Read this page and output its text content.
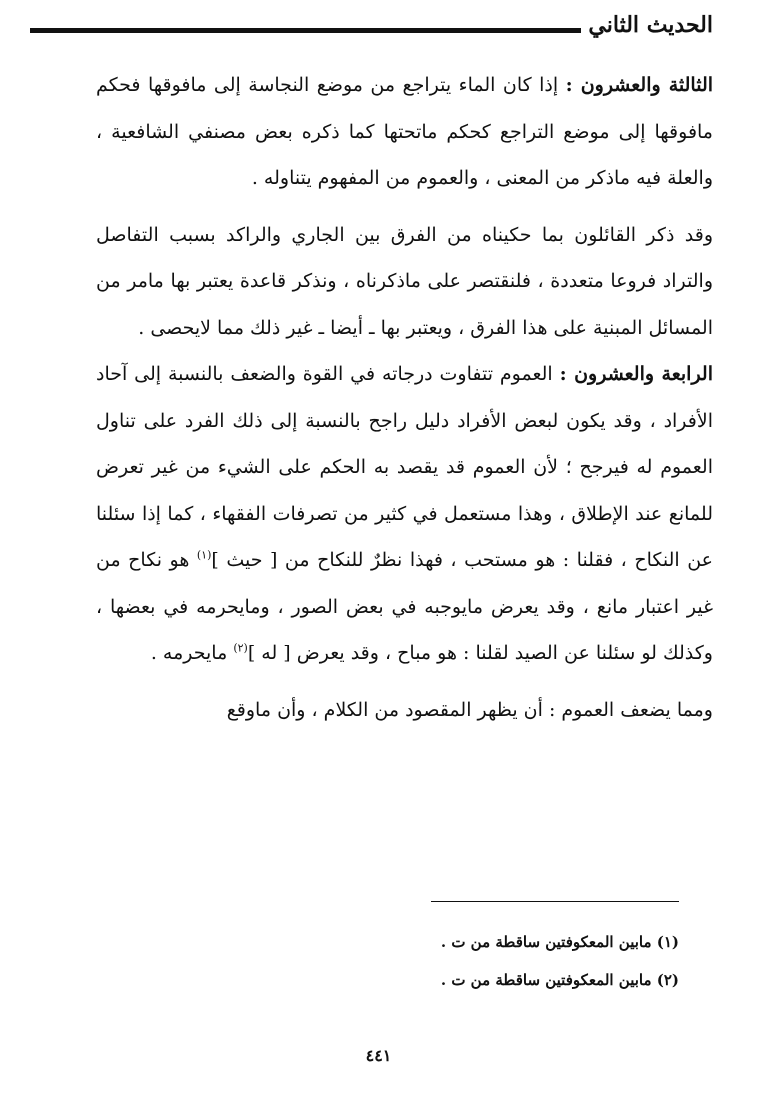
الحديث الثاني

الثالثة والعشرون : إذا كان الماء يتراجع من موضع النجاسة إلى مافوقها فحكم مافوقها إلى موضع التراجع كحكم ماتحتها كما ذكره بعض مصنفي الشافعية ، والعلة فيه ماذكر من المعنى ، والعموم من المفهوم يتناوله .

وقد ذكر القائلون بما حكيناه من الفرق بين الجاري والراكد بسبب التفاصل والتراد فروعا متعددة ، فلنقتصر على ماذكرناه ، ونذكر قاعدة يعتبر بها مامر من المسائل المبنية على هذا الفرق ، ويعتبر بها ـ أيضا ـ غير ذلك مما لايحصى .

الرابعة والعشرون : العموم تتفاوت درجاته في القوة والضعف بالنسبة إلى آحاد الأفراد ، وقد يكون لبعض الأفراد دليل راجح بالنسبة إلى ذلك الفرد على تناول العموم له فيرجح ؛ لأن العموم قد يقصد به الحكم على الشيء من غير تعرض للمانع عند الإطلاق ، وهذا مستعمل في كثير من تصرفات الفقهاء ، كما إذا سئلنا عن النكاح ، فقلنا : هو مستحب ، فهذا نظرٌ للنكاح من [ حيث ]$^{(١)}$ هو نكاح من غير اعتبار مانع ، وقد يعرض مايوجبه في بعض الصور ، ومايحرمه في بعضها ، وكذلك لو سئلنا عن الصيد لقلنا : هو مباح ، وقد يعرض [ له ]$^{(٢)}$ مايحرمه .

ومما يضعف العموم : أن يظهر المقصود من الكلام ، وأن ماوقع

(١) مابين المعكوفتين ساقطة من ت .

(٢) مابين المعكوفتين ساقطة من ت .

٤٤١
